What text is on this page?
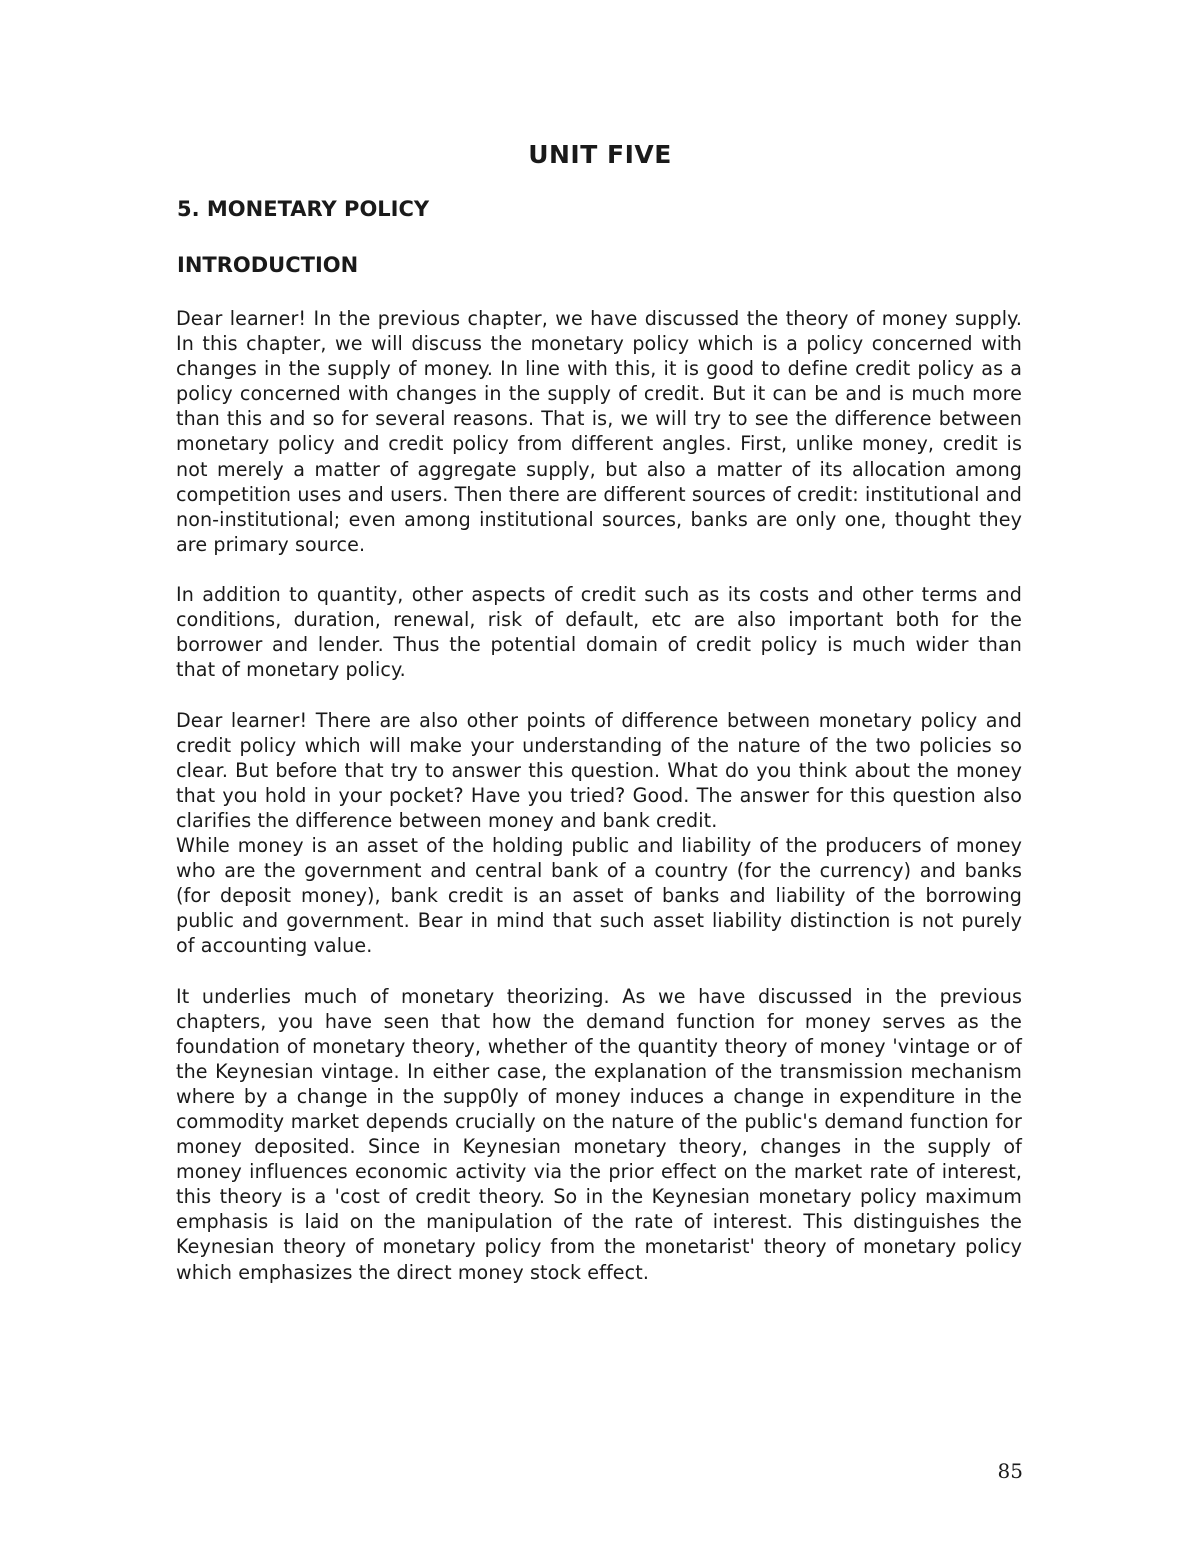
UNIT FIVE
5. MONETARY POLICY
INTRODUCTION

Dear learner! In the previous chapter, we have discussed the theory of money supply. In this chapter, we will discuss the monetary policy which is a policy concerned with changes in the supply of money. In line with this, it is good to define credit policy as a policy concerned with changes in the supply of credit. But it can be and is much more than this and so for several reasons. That is, we will try to see the difference between monetary policy and credit policy from different angles. First, unlike money, credit is not merely a matter of aggregate supply, but also a matter of its allocation among competition uses and users. Then there are different sources of credit: institutional and non-institutional; even among institutional sources, banks are only one, thought they are primary source.

In addition to quantity, other aspects of credit such as its costs and other terms and conditions, duration, renewal, risk of default, etc are also important both for the borrower and lender. Thus the potential domain of credit policy is much wider than that of monetary policy.

Dear learner! There are also other points of difference between monetary policy and credit policy which will make your understanding of the nature of the two policies so clear. But before that try to answer this question. What do you think about the money that you hold in your pocket? Have you tried? Good. The answer for this question also clarifies the difference between money and bank credit.

While money is an asset of the holding public and liability of the producers of money who are the government and central bank of a country (for the currency) and banks (for deposit money), bank credit is an asset of banks and liability of the borrowing public and government. Bear in mind that such asset liability distinction is not purely of accounting value.

It underlies much of monetary theorizing. As we have discussed in the previous chapters, you have seen that how the demand function for money serves as the foundation of monetary theory, whether of the quantity theory of money 'vintage or of the Keynesian vintage. In either case, the explanation of the transmission mechanism where by a change in the supp0ly of money induces a change in expenditure in the commodity market depends crucially on the nature of the public's demand function for money deposited. Since in Keynesian monetary theory, changes in the supply of money influences economic activity via the prior effect on the market rate of interest, this theory is a 'cost of credit theory. So in the Keynesian monetary policy maximum emphasis is laid on the manipulation of the rate of interest. This distinguishes the Keynesian theory of monetary policy from the monetarist' theory of monetary policy which emphasizes the direct money stock effect.

85
